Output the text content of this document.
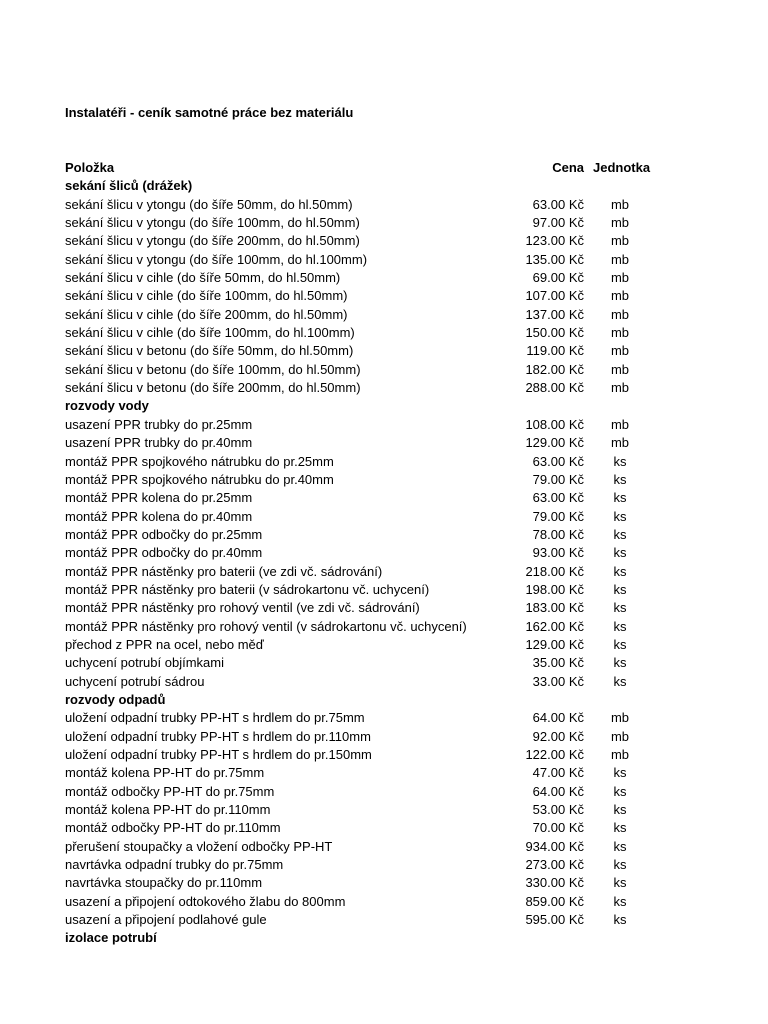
Instalatéři - ceník samotné práce bez materiálu
Položka	Cena Jednotka
sekání šliců (drážek)
sekání šlicu v ytongu (do šíře 50mm, do hl.50mm)	63.00 Kč	mb
sekání šlicu v ytongu (do šíře 100mm, do hl.50mm)	97.00 Kč	mb
sekání šlicu v ytongu (do šíře 200mm, do hl.50mm)	123.00 Kč	mb
sekání šlicu v ytongu (do šíře 100mm, do hl.100mm)	135.00 Kč	mb
sekání šlicu v cihle (do šíře 50mm, do hl.50mm)	69.00 Kč	mb
sekání šlicu v cihle (do šíře 100mm, do hl.50mm)	107.00 Kč	mb
sekání šlicu v cihle (do šíře 200mm, do hl.50mm)	137.00 Kč	mb
sekání šlicu v cihle (do šíře 100mm, do hl.100mm)	150.00 Kč	mb
sekání šlicu v betonu (do šíře 50mm, do hl.50mm)	119.00 Kč	mb
sekání šlicu v betonu (do šíře 100mm, do hl.50mm)	182.00 Kč	mb
sekání šlicu v betonu (do šíře 200mm, do hl.50mm)	288.00 Kč	mb
rozvody vody
usazení PPR trubky do pr.25mm	108.00 Kč	mb
usazení PPR trubky do pr.40mm	129.00 Kč	mb
montáž PPR spojkového nátrubku do pr.25mm	63.00 Kč	ks
montáž PPR spojkového nátrubku do pr.40mm	79.00 Kč	ks
montáž PPR kolena do pr.25mm	63.00 Kč	ks
montáž PPR kolena do pr.40mm	79.00 Kč	ks
montáž PPR odbočky do pr.25mm	78.00 Kč	ks
montáž PPR odbočky do pr.40mm	93.00 Kč	ks
montáž PPR nástěnky pro baterii (ve zdi vč. sádrování)	218.00 Kč	ks
montáž PPR nástěnky pro baterii (v sádrokartonu vč. uchycení)	198.00 Kč	ks
montáž PPR nástěnky pro rohový ventil (ve zdi vč. sádrování)	183.00 Kč	ks
montáž PPR nástěnky pro rohový ventil (v sádrokartonu vč. uchycení)	162.00 Kč	ks
přechod z PPR na ocel, nebo měď	129.00 Kč	ks
uchycení potrubí objímkami	35.00 Kč	ks
uchycení potrubí sádrou	33.00 Kč	ks
rozvody odpadů
uložení odpadní trubky PP-HT s hrdlem do pr.75mm	64.00 Kč	mb
uložení odpadní trubky PP-HT s hrdlem do pr.110mm	92.00 Kč	mb
uložení odpadní trubky PP-HT s hrdlem do pr.150mm	122.00 Kč	mb
montáž kolena PP-HT do pr.75mm	47.00 Kč	ks
montáž odbočky PP-HT do pr.75mm	64.00 Kč	ks
montáž kolena PP-HT do pr.110mm	53.00 Kč	ks
montáž odbočky PP-HT do pr.110mm	70.00 Kč	ks
přerušení stoupačky a vložení odbočky PP-HT	934.00 Kč	ks
navrtávka odpadní trubky do pr.75mm	273.00 Kč	ks
navrtávka stoupačky do pr.110mm	330.00 Kč	ks
usazení a připojení odtokového žlabu do 800mm	859.00 Kč	ks
usazení a připojení podlahové gule	595.00 Kč	ks
izolace potrubí
